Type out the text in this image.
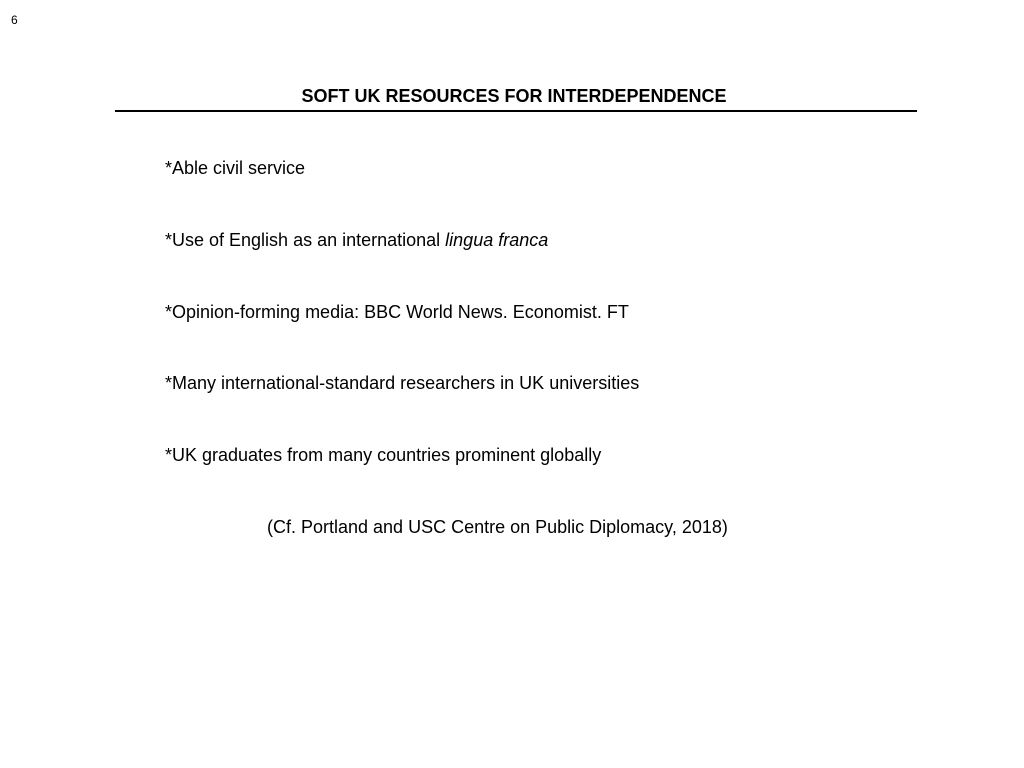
6
SOFT UK RESOURCES FOR INTERDEPENDENCE
*Able civil service
*Use of English as an international lingua franca
*Opinion-forming media: BBC World News. Economist. FT
*Many international-standard researchers in UK universities
*UK graduates from many countries prominent globally
(Cf. Portland and USC Centre on Public Diplomacy, 2018)
